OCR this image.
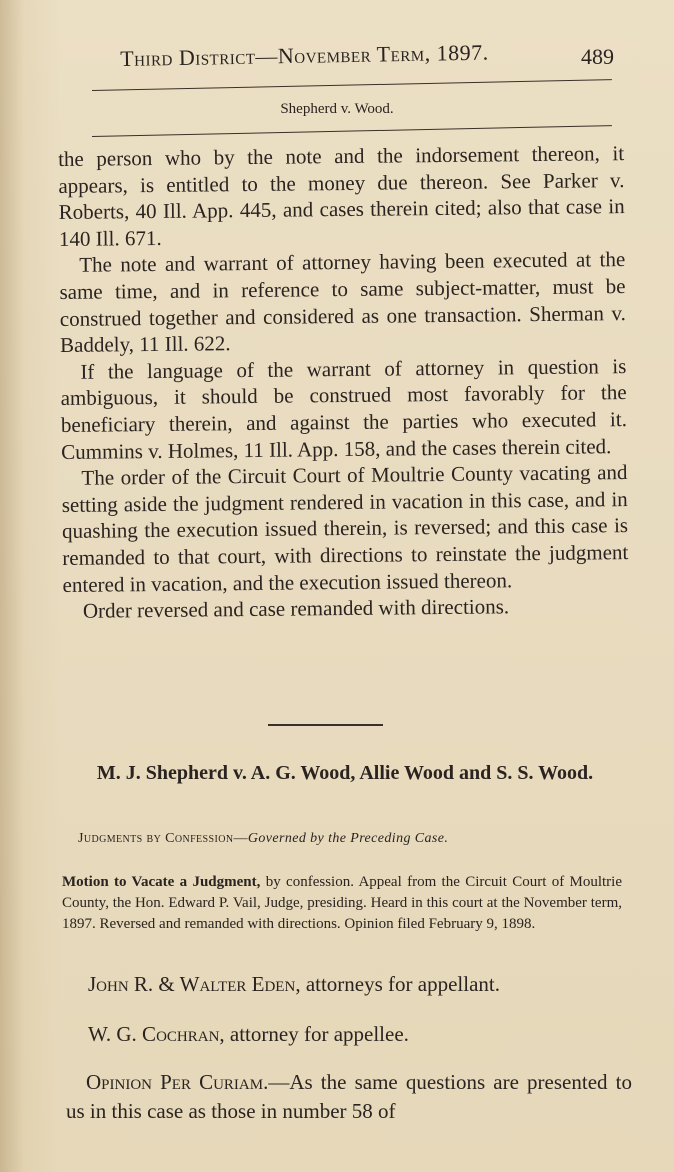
Third District—November Term, 1897.	489
Shepherd v. Wood.

the person who by the note and the indorsement thereon, it appears, is entitled to the money due thereon. See Parker v. Roberts, 40 Ill. App. 445, and cases therein cited; also that case in 140 Ill. 671.

The note and warrant of attorney having been executed at the same time, and in reference to same subject-matter, must be construed together and considered as one transaction. Sherman v. Baddely, 11 Ill. 622.

If the language of the warrant of attorney in question is ambiguous, it should be construed most favorably for the beneficiary therein, and against the parties who executed it. Cummins v. Holmes, 11 Ill. App. 158, and the cases therein cited.

The order of the Circuit Court of Moultrie County vacating and setting aside the judgment rendered in vacation in this case, and in quashing the execution issued therein, is reversed; and this case is remanded to that court, with directions to reinstate the judgment entered in vacation, and the execution issued thereon.

Order reversed and case remanded with directions.

M. J. Shepherd v. A. G. Wood, Allie Wood and S. S. Wood.
Judgments by Confession—Governed by the Preceding Case.
Motion to Vacate a Judgment, by confession. Appeal from the Circuit Court of Moultrie County, the Hon. Edward P. Vail, Judge, presiding. Heard in this court at the November term, 1897. Reversed and remanded with directions. Opinion filed February 9, 1898.
John R. & Walter Eden, attorneys for appellant.
W. G. Cochran, attorney for appellee.
Opinion Per Curiam.—As the same questions are presented to us in this case as those in number 58 of
